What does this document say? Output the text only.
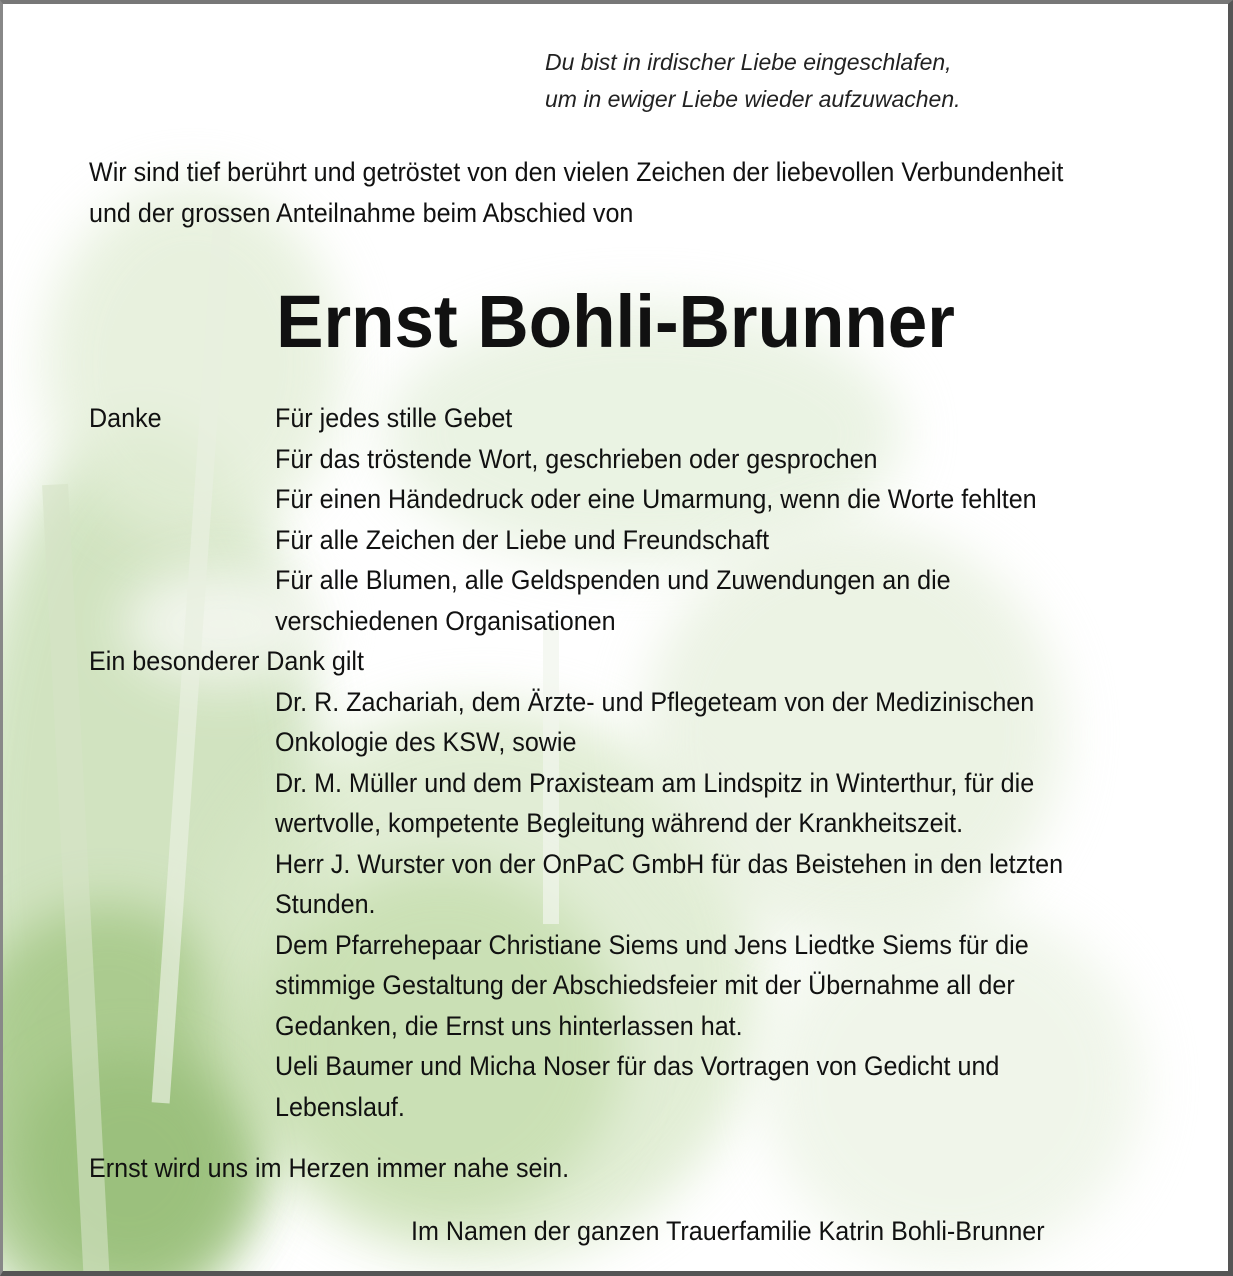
Du bist in irdischer Liebe eingeschlafen,
um in ewiger Liebe wieder aufzuwachen.
Wir sind tief berührt und getröstet von den vielen Zeichen der liebevollen Verbundenheit
und der grossen Anteilnahme beim Abschied von
Ernst Bohli-Brunner
Danke	Für jedes stille Gebet
Für das tröstende Wort, geschrieben oder gesprochen
Für einen Händedruck oder eine Umarmung, wenn die Worte fehlten
Für alle Zeichen der Liebe und Freundschaft
Für alle Blumen, alle Geldspenden und Zuwendungen an die
verschiedenen Organisationen
Ein besonderer Dank gilt
Dr. R. Zachariah, dem Ärzte- und Pflegeteam von der Medizinischen
Onkologie des KSW, sowie
Dr. M. Müller und dem Praxisteam am Lindspitz in Winterthur, für die
wertvolle, kompetente Begleitung während der Krankheitszeit.
Herr J. Wurster von der OnPaC GmbH für das Beistehen in den letzten
Stunden.
Dem Pfarrehepaar Christiane Siems und Jens Liedtke Siems für die
stimmige Gestaltung der Abschiedsfeier mit der Übernahme all der
Gedanken, die Ernst uns hinterlassen hat.
Ueli Baumer und Micha Noser für das Vortragen von Gedicht und
Lebenslauf.
Ernst wird uns im Herzen immer nahe sein.
Im Namen der ganzen Trauerfamilie Katrin Bohli-Brunner
